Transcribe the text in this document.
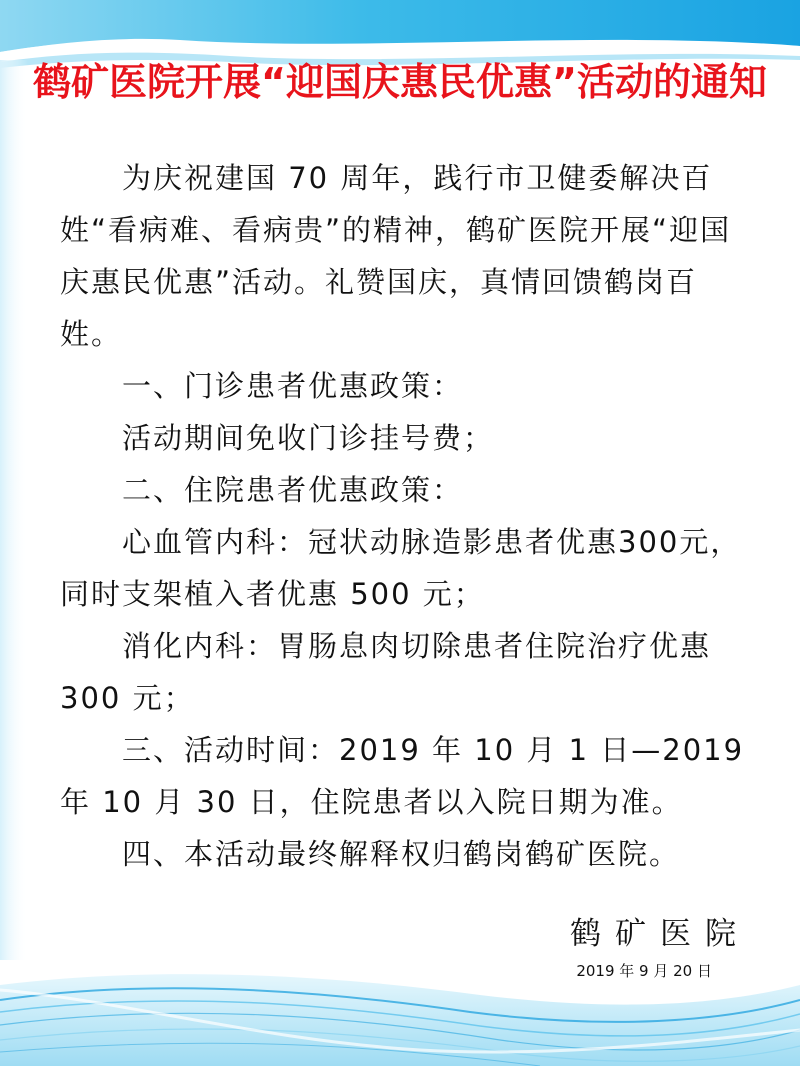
鹤矿医院开展“迎国庆惠民优惠”活动的通知

为庆祝建国 70 周年，践行市卫健委解决百姓“看病难、看病贵”的精神，鹤矿医院开展“迎国庆惠民优惠”活动。礼赞国庆，真情回馈鹤岗百姓。

一、门诊患者优惠政策：

活动期间免收门诊挂号费；

二、住院患者优惠政策：

心血管内科：冠状动脉造影患者优惠300元，同时支架植入者优惠 500 元；

消化内科：胃肠息肉切除患者住院治疗优惠 300 元；

三、活动时间：2019 年 10 月 1 日—2019 年 10 月 30 日，住院患者以入院日期为准。

四、本活动最终解释权归鹤岗鹤矿医院。

鹤矿医院
2019 年 9 月 20 日
